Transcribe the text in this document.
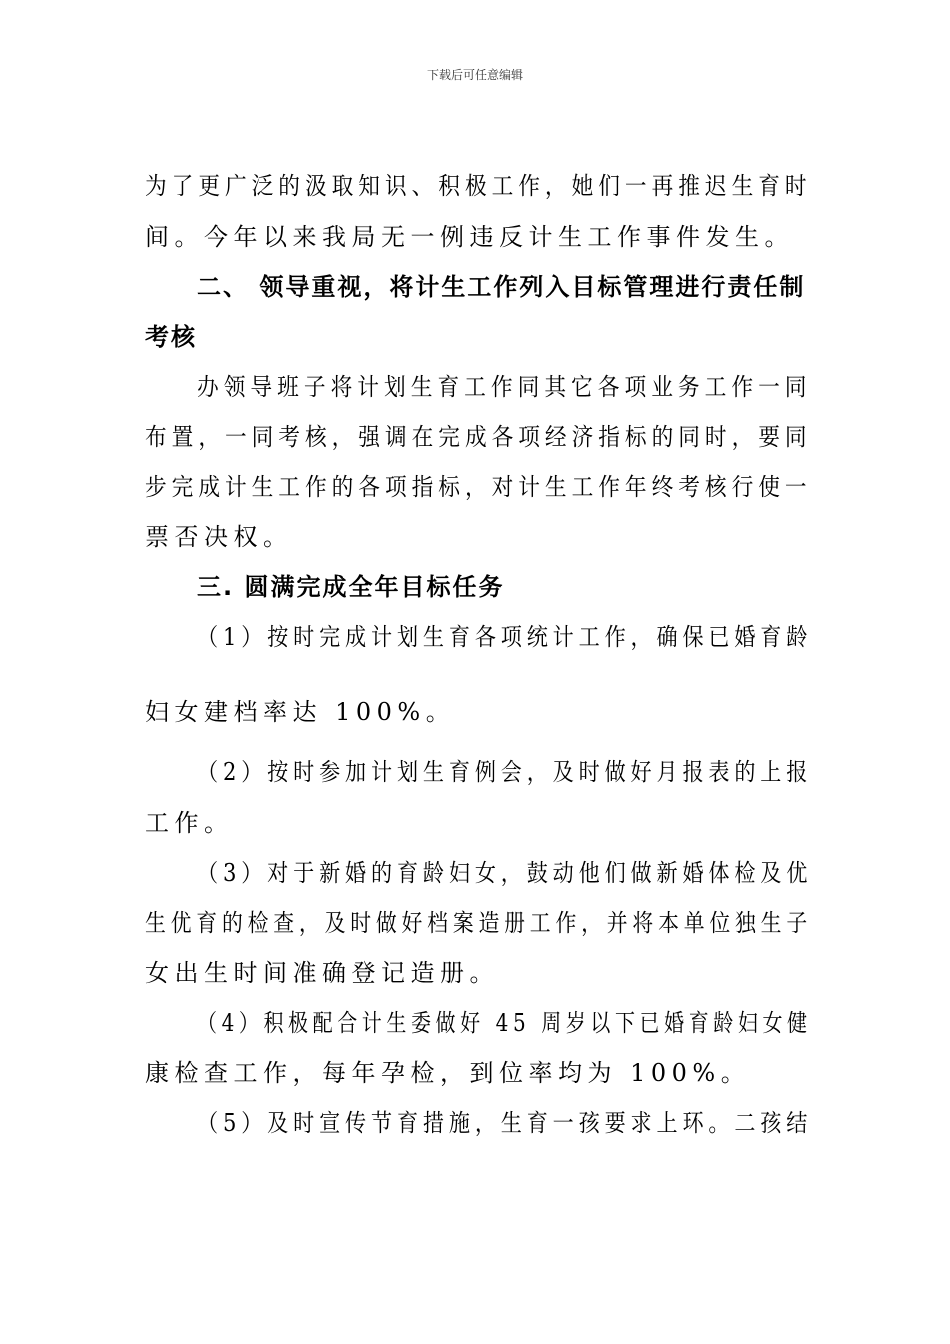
下载后可任意编辑
为了更广泛的汲取知识、积极工作，她们一再推迟生育时
间。今年以来我局无一例违反计生工作事件发生。
二、 领导重视，将计生工作列入目标管理进行责任制
考核
办领导班子将计划生育工作同其它各项业务工作一同
布置，一同考核，强调在完成各项经济指标的同时，要同
步完成计生工作的各项指标，对计生工作年终考核行使一
票否决权。
三. 圆满完成全年目标任务
（1）按时完成计划生育各项统计工作，确保已婚育龄
妇女建档率达 100%。
（2）按时参加计划生育例会，及时做好月报表的上报
工作。
（3）对于新婚的育龄妇女，鼓动他们做新婚体检及优
生优育的检查，及时做好档案造册工作，并将本单位独生子
女出生时间准确登记造册。
（4）积极配合计生委做好 45 周岁以下已婚育龄妇女健
康检查工作，每年孕检，到位率均为 100%。
（5）及时宣传节育措施，生育一孩要求上环。二孩结
